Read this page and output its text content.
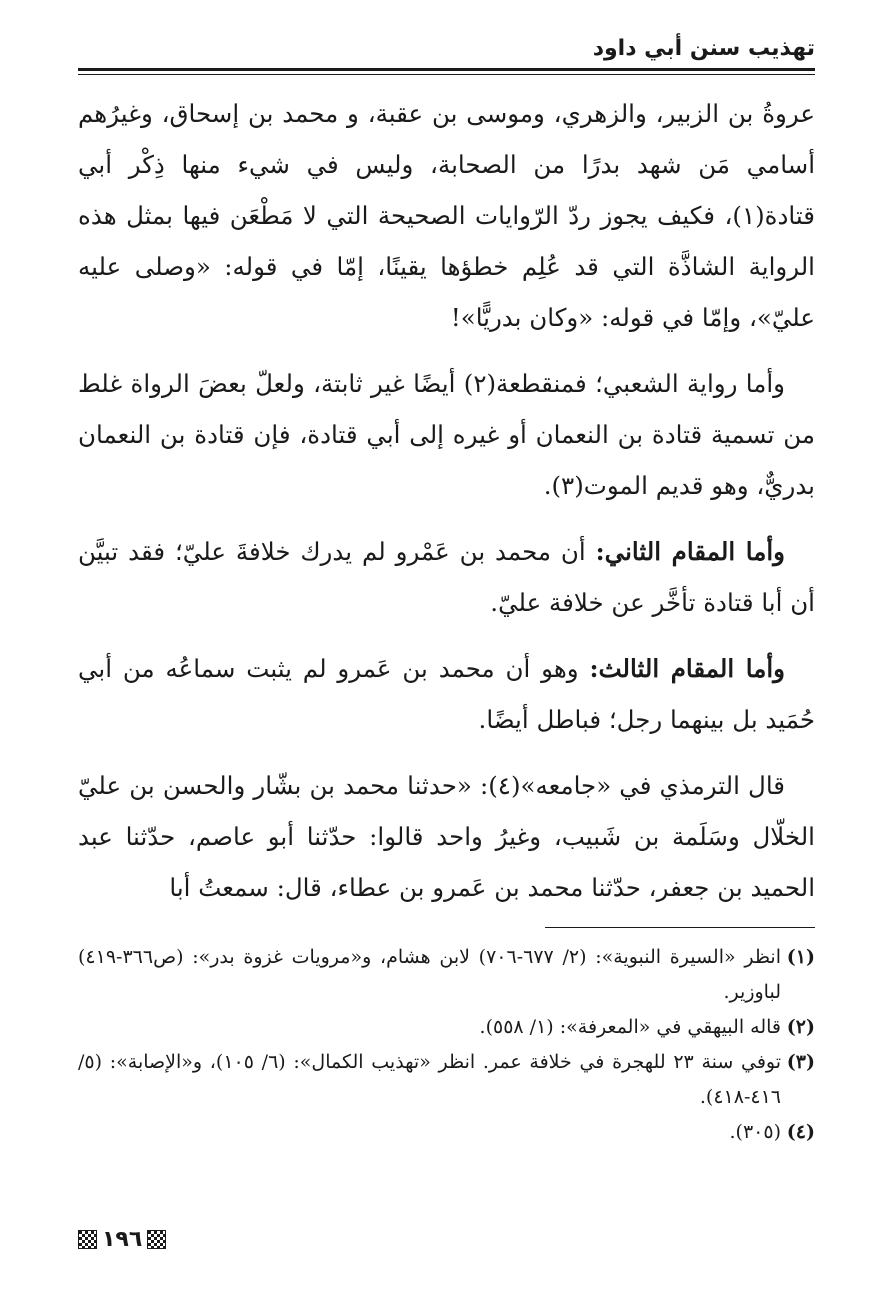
تهذيب سنن أبي داود

عروةُ بن الزبير، والزهري، وموسى بن عقبة، و محمد بن إسحاق، وغيرُهم أسامي مَن شهد بدرًا من الصحابة، وليس في شيء منها ذِكْر أبي قتادة(١)، فكيف يجوز ردّ الرّوايات الصحيحة التي لا مَطْعَن فيها بمثل هذه الرواية الشاذَّة التي قد عُلِم خطؤها يقينًا، إمّا في قوله: «وصلى عليه عليّ»، وإمّا في قوله: «وكان بدريًّا»!

وأما رواية الشعبي؛ فمنقطعة(٢) أيضًا غير ثابتة، ولعلّ بعضَ الرواة غلط من تسمية قتادة بن النعمان أو غيره إلى أبي قتادة، فإن قتادة بن النعمان بدريٌّ، وهو قديم الموت(٣).

وأما المقام الثاني: أن محمد بن عَمْرو لم يدرك خلافةَ عليّ؛ فقد تبيَّن أن أبا قتادة تأخَّر عن خلافة عليّ.

وأما المقام الثالث: وهو أن محمد بن عَمرو لم يثبت سماعُه من أبي حُمَيد بل بينهما رجل؛ فباطل أيضًا.

قال الترمذي في «جامعه»(٤): «حدثنا محمد بن بشّار والحسن بن عليّ الخلّال وسَلَمة بن شَبيب، وغيرُ واحد قالوا: حدّثنا أبو عاصم، حدّثنا عبد الحميد بن جعفر، حدّثنا محمد بن عَمرو بن عطاء، قال: سمعتُ أبا

(١)
انظر «السيرة النبوية»: (٢/ ٦٧٧-٧٠٦) لابن هشام، و«مرويات غزوة بدر»: (ص٣٦٦-٤١٩) لباوزير.
(٢)
قاله البيهقي في «المعرفة»: (١/ ٥٥٨).
(٣)
توفي سنة ٢٣ للهجرة في خلافة عمر. انظر «تهذيب الكمال»: (٦/ ١٠٥)، و«الإصابة»: (٥/ ٤١٦-٤١٨).
(٤)
(٣٠٥).
١٩٦
